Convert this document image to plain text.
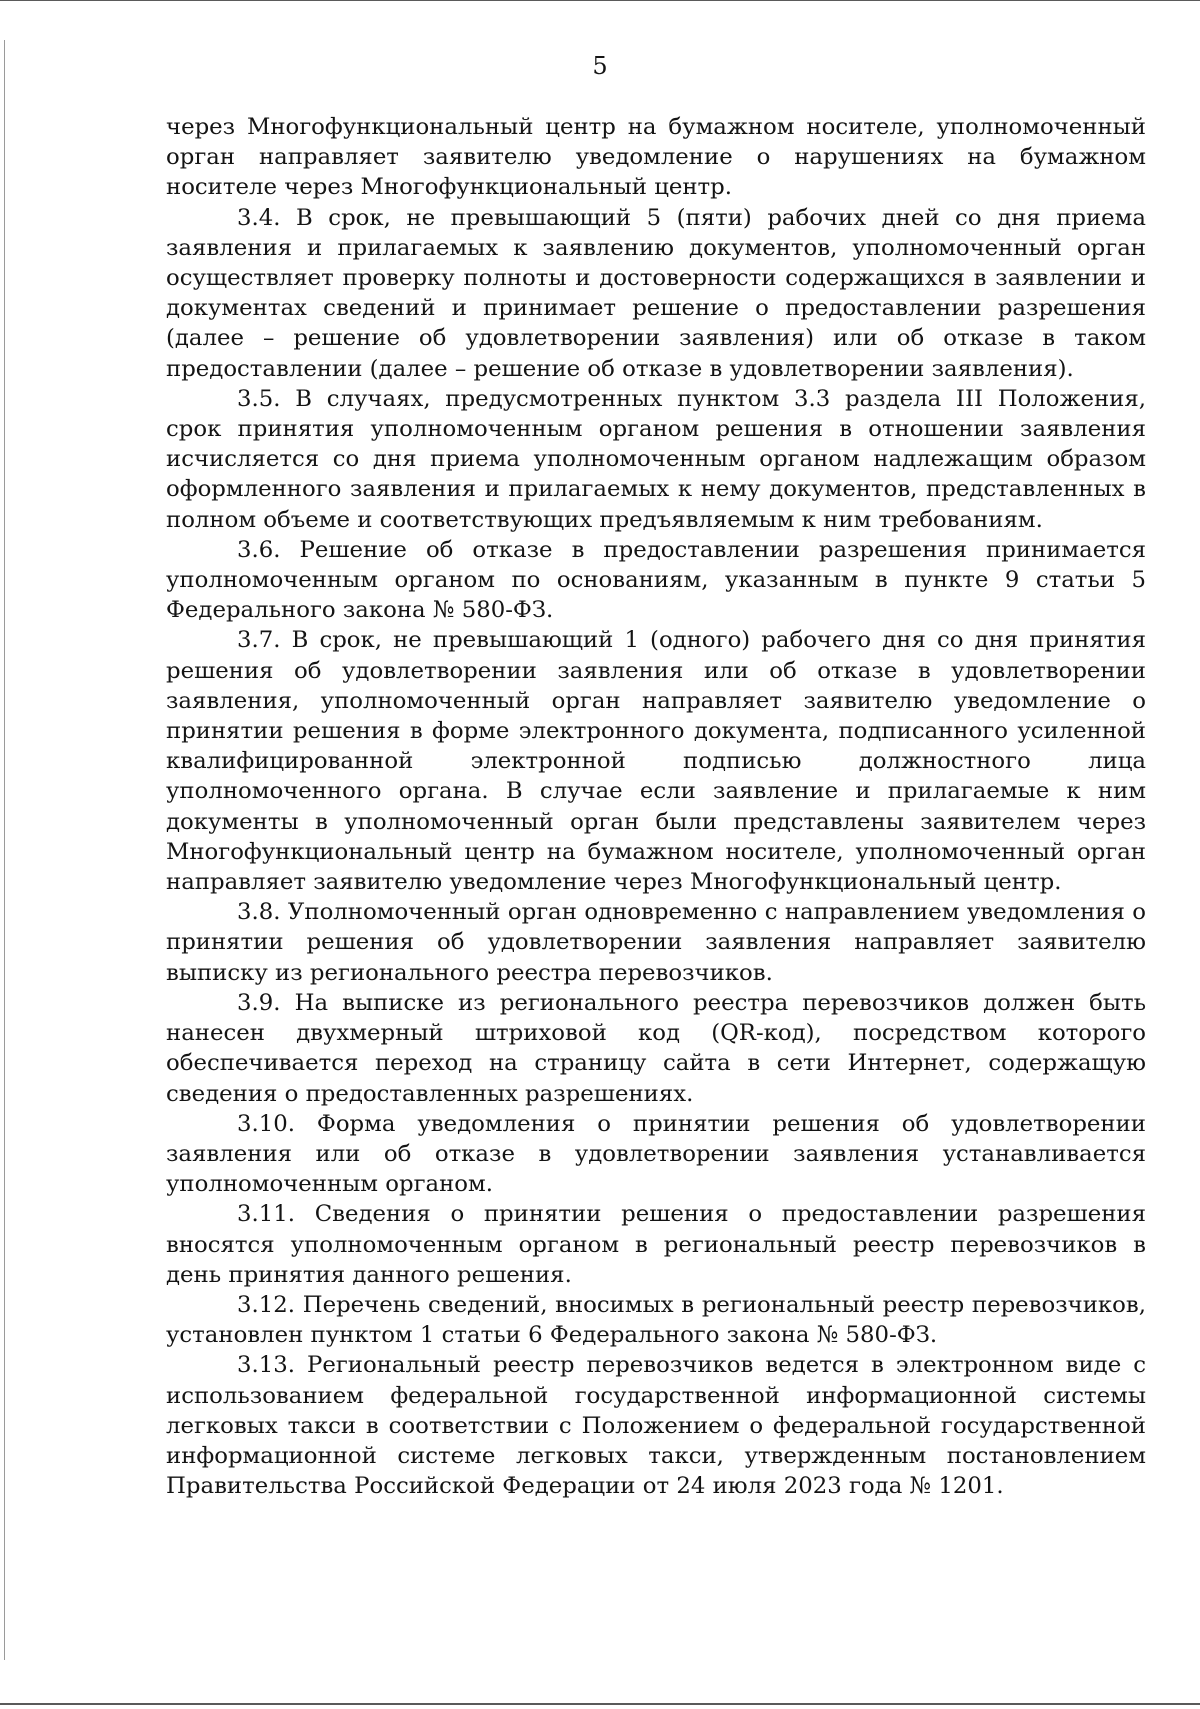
5

через Многофункциональный центр на бумажном носителе, уполномоченный орган направляет заявителю уведомление о нарушениях на бумажном носителе через Многофункциональный центр.

3.4. В срок, не превышающий 5 (пяти) рабочих дней со дня приема заявления и прилагаемых к заявлению документов, уполномоченный орган осуществляет проверку полноты и достоверности содержащихся в заявлении и документах сведений и принимает решение о предоставлении разрешения (далее – решение об удовлетворении заявления) или об отказе в таком предоставлении (далее – решение об отказе в удовлетворении заявления).

3.5. В случаях, предусмотренных пунктом 3.3 раздела III Положения, срок принятия уполномоченным органом решения в отношении заявления исчисляется со дня приема уполномоченным органом надлежащим образом оформленного заявления и прилагаемых к нему документов, представленных в полном объеме и соответствующих предъявляемым к ним требованиям.

3.6. Решение об отказе в предоставлении разрешения принимается уполномоченным органом по основаниям, указанным в пункте 9 статьи 5 Федерального закона № 580-ФЗ.

3.7. В срок, не превышающий 1 (одного) рабочего дня со дня принятия решения об удовлетворении заявления или об отказе в удовлетворении заявления, уполномоченный орган направляет заявителю уведомление о принятии решения в форме электронного документа, подписанного усиленной квалифицированной электронной подписью должностного лица уполномоченного органа. В случае если заявление и прилагаемые к ним документы в уполномоченный орган были представлены заявителем через Многофункциональный центр на бумажном носителе, уполномоченный орган направляет заявителю уведомление через Многофункциональный центр.

3.8. Уполномоченный орган одновременно с направлением уведомления о принятии решения об удовлетворении заявления направляет заявителю выписку из регионального реестра перевозчиков.

3.9. На выписке из регионального реестра перевозчиков должен быть нанесен двухмерный штриховой код (QR-код), посредством которого обеспечивается переход на страницу сайта в сети Интернет, содержащую сведения о предоставленных разрешениях.

3.10. Форма уведомления о принятии решения об удовлетворении заявления или об отказе в удовлетворении заявления устанавливается уполномоченным органом.

3.11. Сведения о принятии решения о предоставлении разрешения вносятся уполномоченным органом в региональный реестр перевозчиков в день принятия данного решения.

3.12. Перечень сведений, вносимых в региональный реестр перевозчиков, установлен пунктом 1 статьи 6 Федерального закона № 580-ФЗ.

3.13. Региональный реестр перевозчиков ведется в электронном виде с использованием федеральной государственной информационной системы легковых такси в соответствии с Положением о федеральной государственной информационной системе легковых такси, утвержденным постановлением Правительства Российской Федерации от 24 июля 2023 года № 1201.
